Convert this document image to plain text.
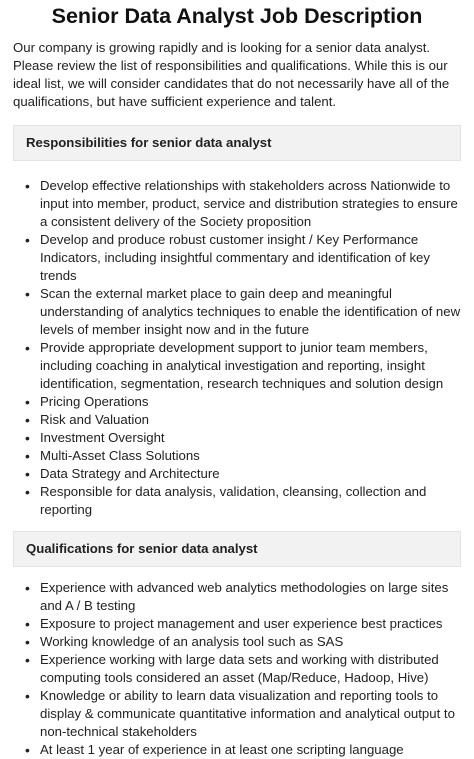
Senior Data Analyst Job Description

Our company is growing rapidly and is looking for a senior data analyst. Please review the list of responsibilities and qualifications. While this is our ideal list, we will consider candidates that do not necessarily have all of the qualifications, but have sufficient experience and talent.

Responsibilities for senior data analyst
• Develop effective relationships with stakeholders across Nationwide to input into member, product, service and distribution strategies to ensure a consistent delivery of the Society proposition
• Develop and produce robust customer insight / Key Performance Indicators, including insightful commentary and identification of key trends
• Scan the external market place to gain deep and meaningful understanding of analytics techniques to enable the identification of new levels of member insight now and in the future
• Provide appropriate development support to junior team members, including coaching in analytical investigation and reporting, insight identification, segmentation, research techniques and solution design
• Pricing Operations
• Risk and Valuation
• Investment Oversight
• Multi-Asset Class Solutions
• Data Strategy and Architecture
• Responsible for data analysis, validation, cleansing, collection and reporting
Qualifications for senior data analyst
• Experience with advanced web analytics methodologies on large sites and A / B testing
• Exposure to project management and user experience best practices
• Working knowledge of an analysis tool such as SAS
• Experience working with large data sets and working with distributed computing tools considered an asset (Map/Reduce, Hadoop, Hive)
• Knowledge or ability to learn data visualization and reporting tools to display & communicate quantitative information and analytical output to non-technical stakeholders
• At least 1 year of experience in at least one scripting language
